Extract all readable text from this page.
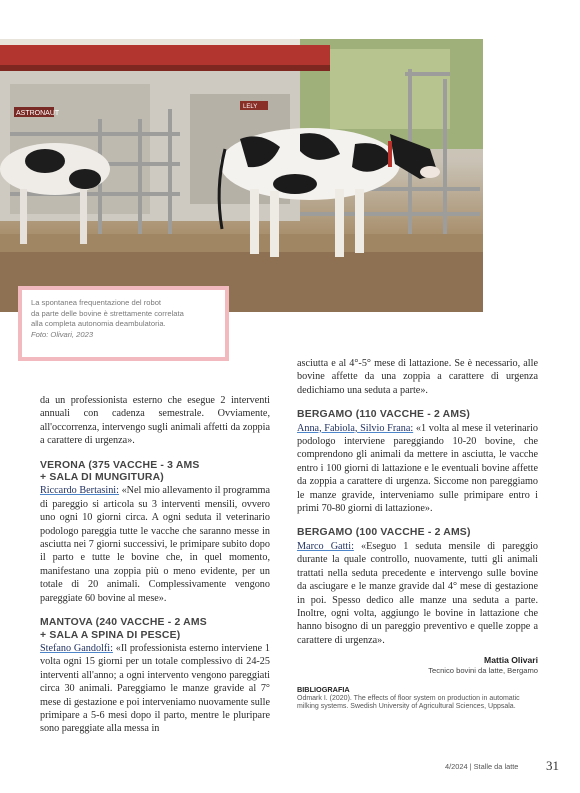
ASTRONAUT
LELY
La spontanea frequentazione del robot
da parte delle bovine è strettamente correlata
alla completa autonomia deambulatoria.
Foto: Olivari, 2023

da un professionista esterno che esegue 2 interventi annuali con cadenza semestrale. Ovviamente, all'occorrenza, intervengo sugli animali affetti da zoppia a carattere di urgenza».

VERONA (375 VACCHE - 3 AMS
+ SALA DI MUNGITURA)

Riccardo Bertasini: «Nel mio allevamento il programma di pareggio si articola su 3 interventi mensili, ovvero uno ogni 10 giorni circa. A ogni seduta il veterinario podologo pareggia tutte le vacche che saranno messe in asciutta nei 7 giorni successivi, le primipare subito dopo il parto e tutte le bovine che, in quel momento, manifestano una zoppia più o meno evidente, per un totale di 20 animali. Complessivamente vengono pareggiate 60 bovine al mese».

MANTOVA (240 VACCHE - 2 AMS
+ SALA A SPINA DI PESCE)

Stefano Gandolfi: «Il professionista esterno interviene 1 volta ogni 15 giorni per un totale complessivo di 24-25 interventi all'anno; a ogni intervento vengono pareggiati circa 30 animali. Pareggiamo le manze gravide al 7° mese di gestazione e poi interveniamo nuovamente sulle primipare a 5-6 mesi dopo il parto, mentre le pluripare sono pareggiate alla messa in

asciutta e al 4°-5° mese di lattazione. Se è necessario, alle bovine affette da una zoppia a carattere di urgenza dedichiamo una seduta a parte».

BERGAMO (110 VACCHE - 2 AMS)

Anna, Fabiola, Silvio Frana: «1 volta al mese il veterinario podologo interviene pareggiando 10-20 bovine, che comprendono gli animali da mettere in asciutta, le vacche entro i 100 giorni di lattazione e le eventuali bovine affette da zoppia a carattere di urgenza. Siccome non pareggiamo le manze gravide, interveniamo sulle primipare entro i primi 70-80 giorni di lattazione».

BERGAMO (100 VACCHE - 2 AMS)

Marco Gatti: «Eseguo 1 seduta mensile di pareggio durante la quale controllo, nuovamente, tutti gli animali trattati nella seduta precedente e intervengo sulle bovine da asciugare e le manze gravide dal 4° mese di gestazione in poi. Spesso dedico alle manze una seduta a parte. Inoltre, ogni volta, aggiungo le bovine in lattazione che hanno bisogno di un pareggio preventivo e quelle zoppe a carattere di urgenza».

Mattia Olivari
Tecnico bovini da latte, Bergamo
BIBLIOGRAFIA
Odmark I. (2020). The effects of floor system on production in automatic milking systems. Swedish University of Agricultural Sciences, Uppsala.
4/2024 | Stalle da latte 31
